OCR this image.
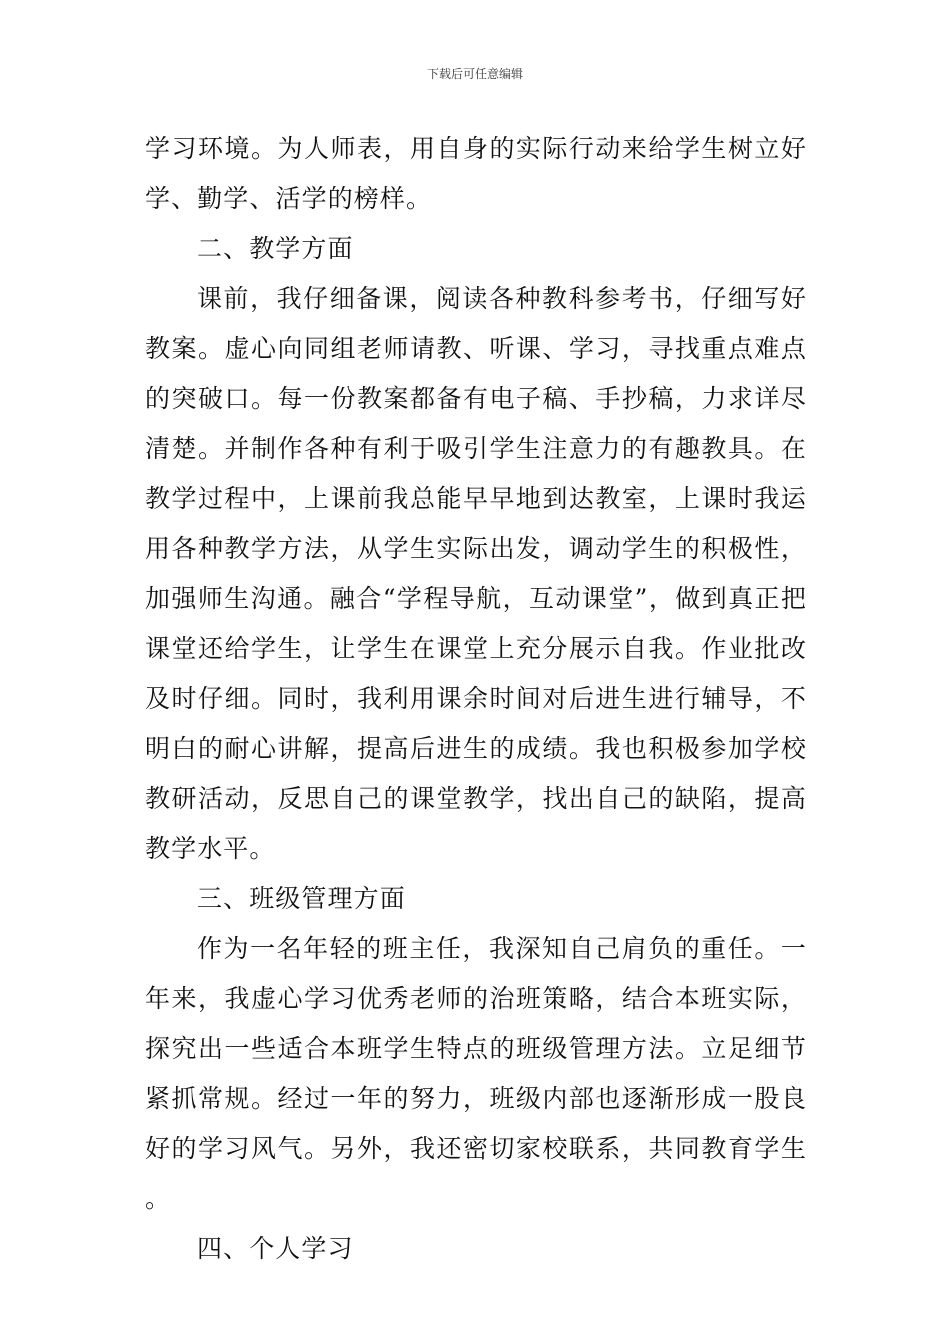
下载后可任意编辑

学习环境。为人师表，用自身的实际行动来给学生树立好学、勤学、活学的榜样。

二、教学方面

课前，我仔细备课，阅读各种教科参考书，仔细写好教案。虚心向同组老师请教、听课、学习，寻找重点难点的突破口。每一份教案都备有电子稿、手抄稿，力求详尽清楚。并制作各种有利于吸引学生注意力的有趣教具。在教学过程中，上课前我总能早早地到达教室，上课时我运用各种教学方法，从学生实际出发，调动学生的积极性，加强师生沟通。融合“学程导航，互动课堂”，做到真正把课堂还给学生，让学生在课堂上充分展示自我。作业批改及时仔细。同时，我利用课余时间对后进生进行辅导，不明白的耐心讲解，提高后进生的成绩。我也积极参加学校教研活动，反思自己的课堂教学，找出自己的缺陷，提高教学水平。

三、班级管理方面

作为一名年轻的班主任，我深知自己肩负的重任。一年来，我虚心学习优秀老师的治班策略，结合本班实际，探究出一些适合本班学生特点的班级管理方法。立足细节紧抓常规。经过一年的努力，班级内部也逐渐形成一股良好的学习风气。另外，我还密切家校联系，共同教育学生。

四、个人学习
